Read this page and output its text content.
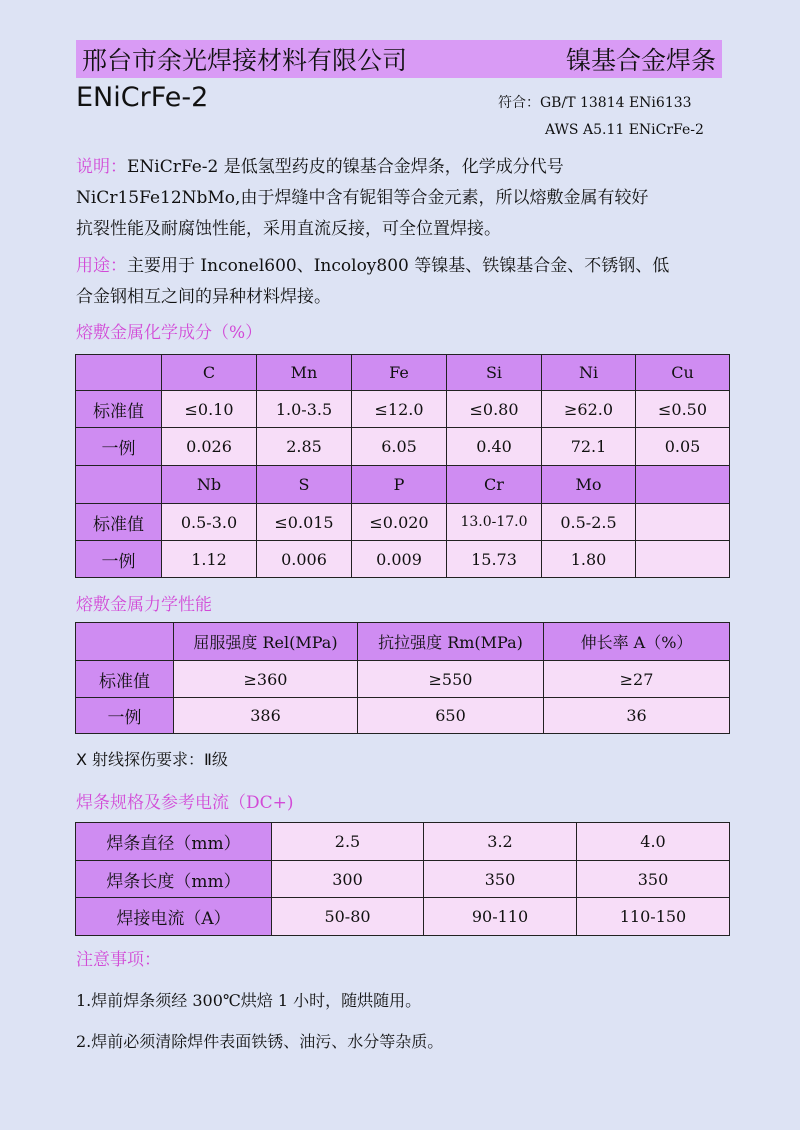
邢台市余光焊接材料有限公司	镍基合金焊条
ENiCrFe-2	符合：GB/T 13814 ENi6133
AWS A5.11 ENiCrFe-2
说明：ENiCrFe-2 是低氢型药皮的镍基合金焊条，化学成分代号
NiCr15Fe12NbMo,由于焊缝中含有铌钼等合金元素，所以熔敷金属有较好
抗裂性能及耐腐蚀性能，采用直流反接，可全位置焊接。
用途：主要用于 Inconel600、Incoloy800 等镍基、铁镍基合金、不锈钢、低
合金钢相互之间的异种材料焊接。
熔敷金属化学成分（%）
	C	Mn	Fe	Si	Ni	Cu
标准值	≤0.10	1.0-3.5	≤12.0	≤0.80	≥62.0	≤0.50
一例	0.026	2.85	6.05	0.40	72.1	0.05
	Nb	S	P	Cr	Mo	
标准值	0.5-3.0	≤0.015	≤0.020	13.0-17.0	0.5-2.5	
一例	1.12	0.006	0.009	15.73	1.80	
熔敷金属力学性能
	屈服强度 Rel(MPa)	抗拉强度 Rm(MPa)	伸长率 A（%）
标准值	≥360	≥550	≥27
一例	386	650	36
X 射线探伤要求：Ⅱ级
焊条规格及参考电流（DC+)
焊条直径（mm）	2.5	3.2	4.0
焊条长度（mm）	300	350	350
焊接电流（A）	50-80	90-110	110-150
注意事项：
1.焊前焊条须经 300℃烘焙 1 小时，随烘随用。
2.焊前必须清除焊件表面铁锈、油污、水分等杂质。
